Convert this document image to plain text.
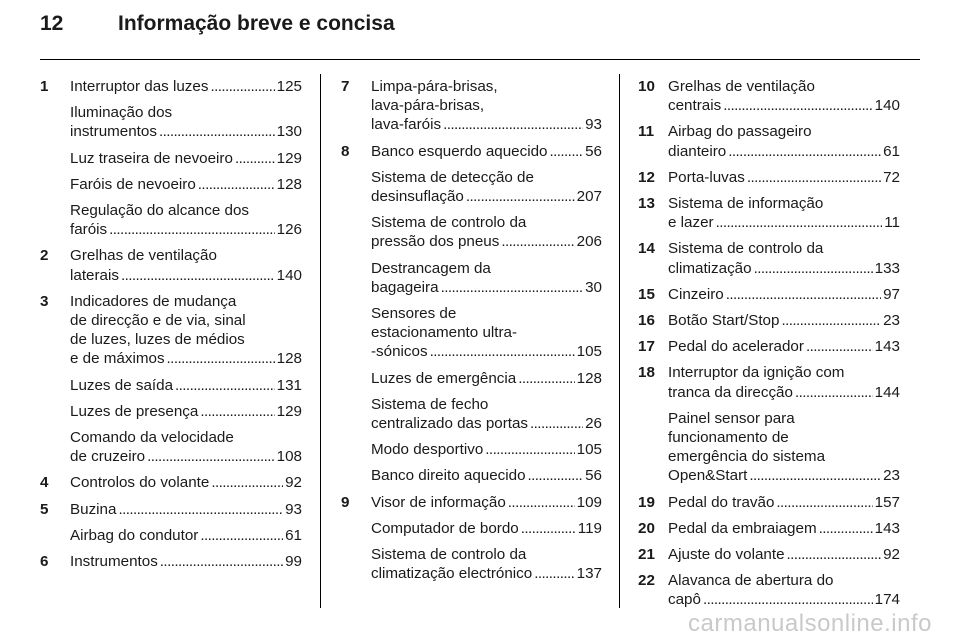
12	Informação breve e concisa
1	Interruptor das luzes . . .	125
Iluminação dos
instrumentos . . .	130
Luz traseira de nevoeiro . . .	129
Faróis de nevoeiro . . .	128
Regulação do alcance dos
faróis . . .	126
2	Grelhas de ventilação
laterais . . .	140
3	Indicadores de mudança
de direcção e de via, sinal
de luzes, luzes de médios
e de máximos . . .	128
Luzes de saída . . .	131
Luzes de presença . . .	129
Comando da velocidade
de cruzeiro . . .	108
4	Controlos do volante . . .	92
5	Buzina . . .	93
Airbag do condutor . . .	61
6	Instrumentos . . .	99
7	Limpa-pára-brisas,
lava-pára-brisas,
lava-faróis . . .	93
8	Banco esquerdo aquecido . . . 56
Sistema de detecção de
desinsuflação . . .	207
Sistema de controlo da
pressão dos pneus . . .	206
Destrancagem da
bagageira . . .	30
Sensores de
estacionamento ultra-
-sónicos . . .	105
Luzes de emergência . . .	128
Sistema de fecho
centralizado das portas . . .	26
Modo desportivo . . .	105
Banco direito aquecido . . .	56
9	Visor de informação . . .	109
Computador de bordo . . .	119
Sistema de controlo da
climatização electrónico . . .	137
10 Grelhas de ventilação
centrais . . .	140
11 Airbag do passageiro
dianteiro . . .	61
12 Porta-luvas . . .	72
13 Sistema de informação
e lazer . . .	11
14 Sistema de controlo da
climatização . . .	133
15 Cinzeiro . . .	97
16 Botão Start/Stop . . .	23
17 Pedal do acelerador . . .	143
18 Interruptor da ignição com
tranca da direcção . . .	144
Painel sensor para
funcionamento de
emergência do sistema
Open&Start . . .	23
19 Pedal do travão . . .	157
20 Pedal da embraiagem . . .	143
21 Ajuste do volante . . .	92
22 Alavanca de abertura do
capô . . .	174
carmanualsonline.info
